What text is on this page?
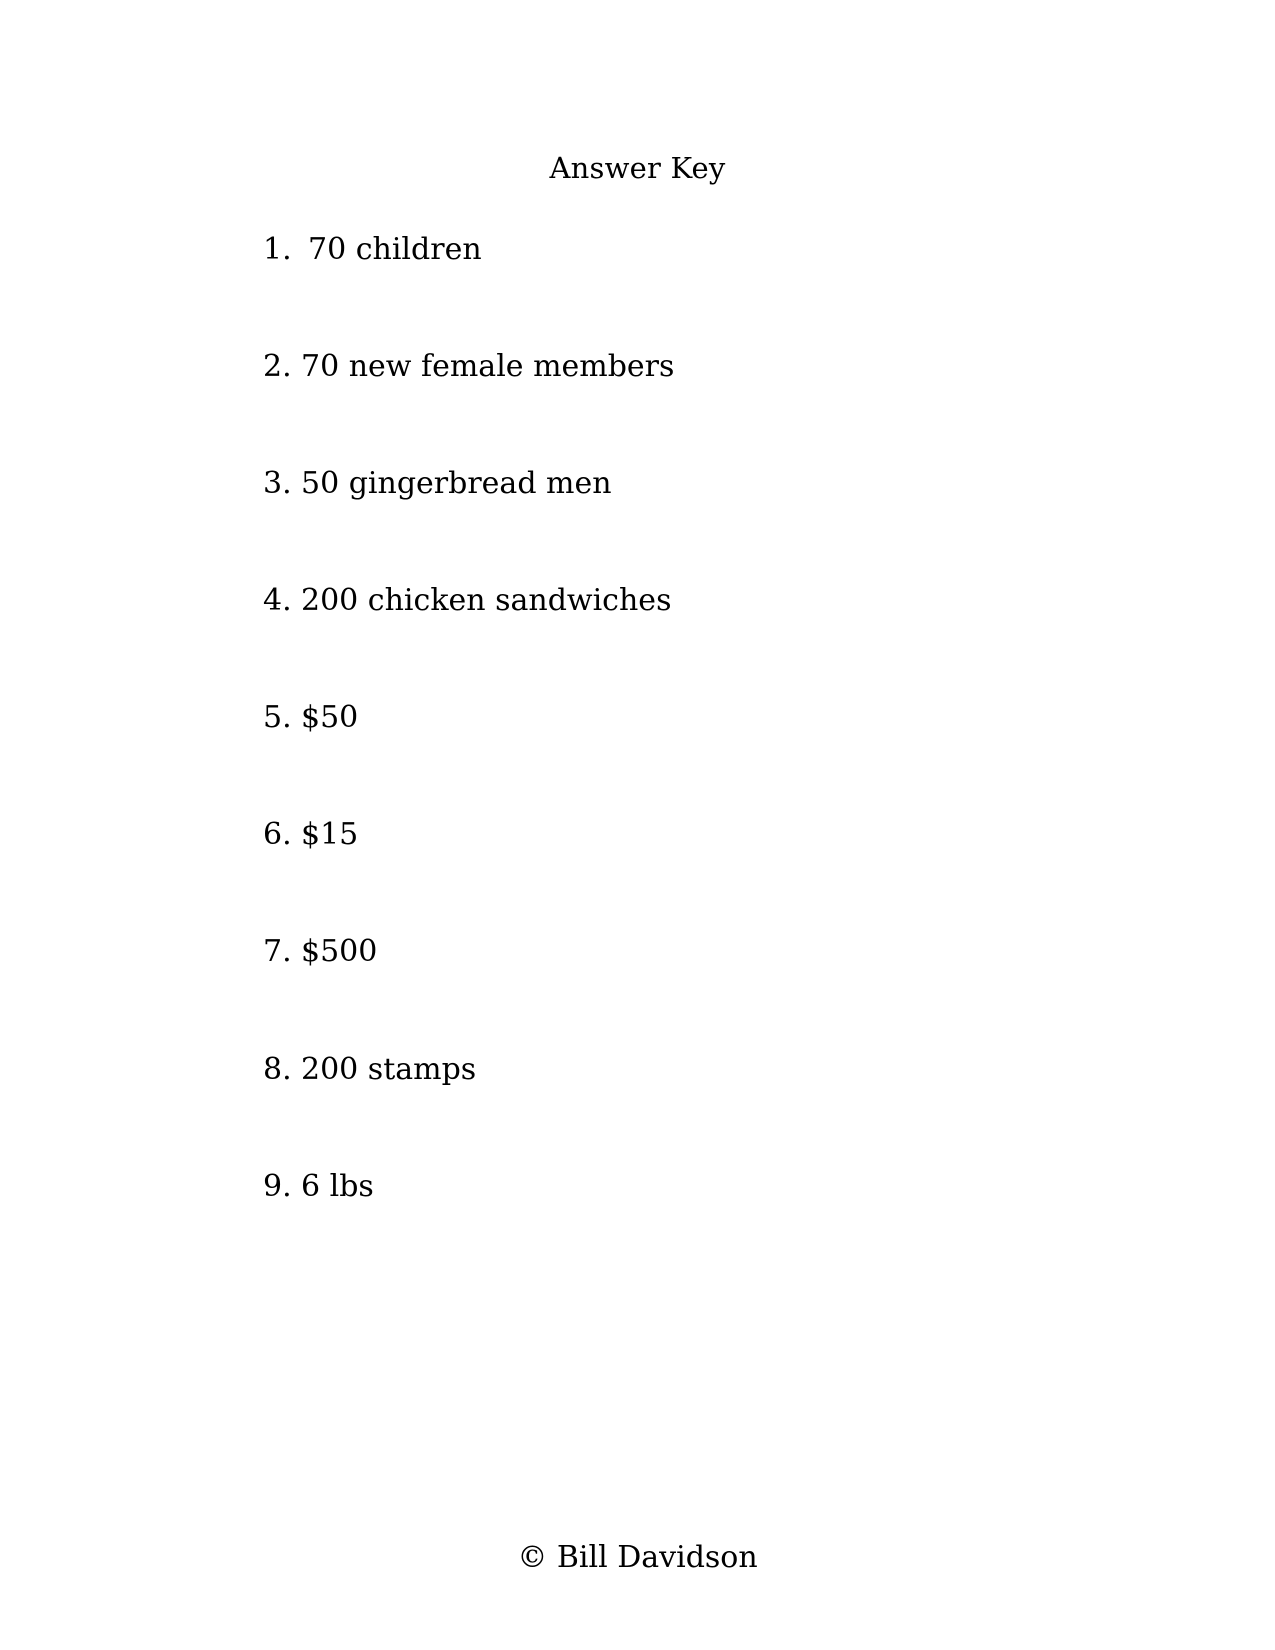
Answer Key
1. 70 children
2. 70 new female members
3. 50 gingerbread men
4. 200 chicken sandwiches
5. $50
6. $15
7. $500
8. 200 stamps
9. 6 lbs
© Bill Davidson
